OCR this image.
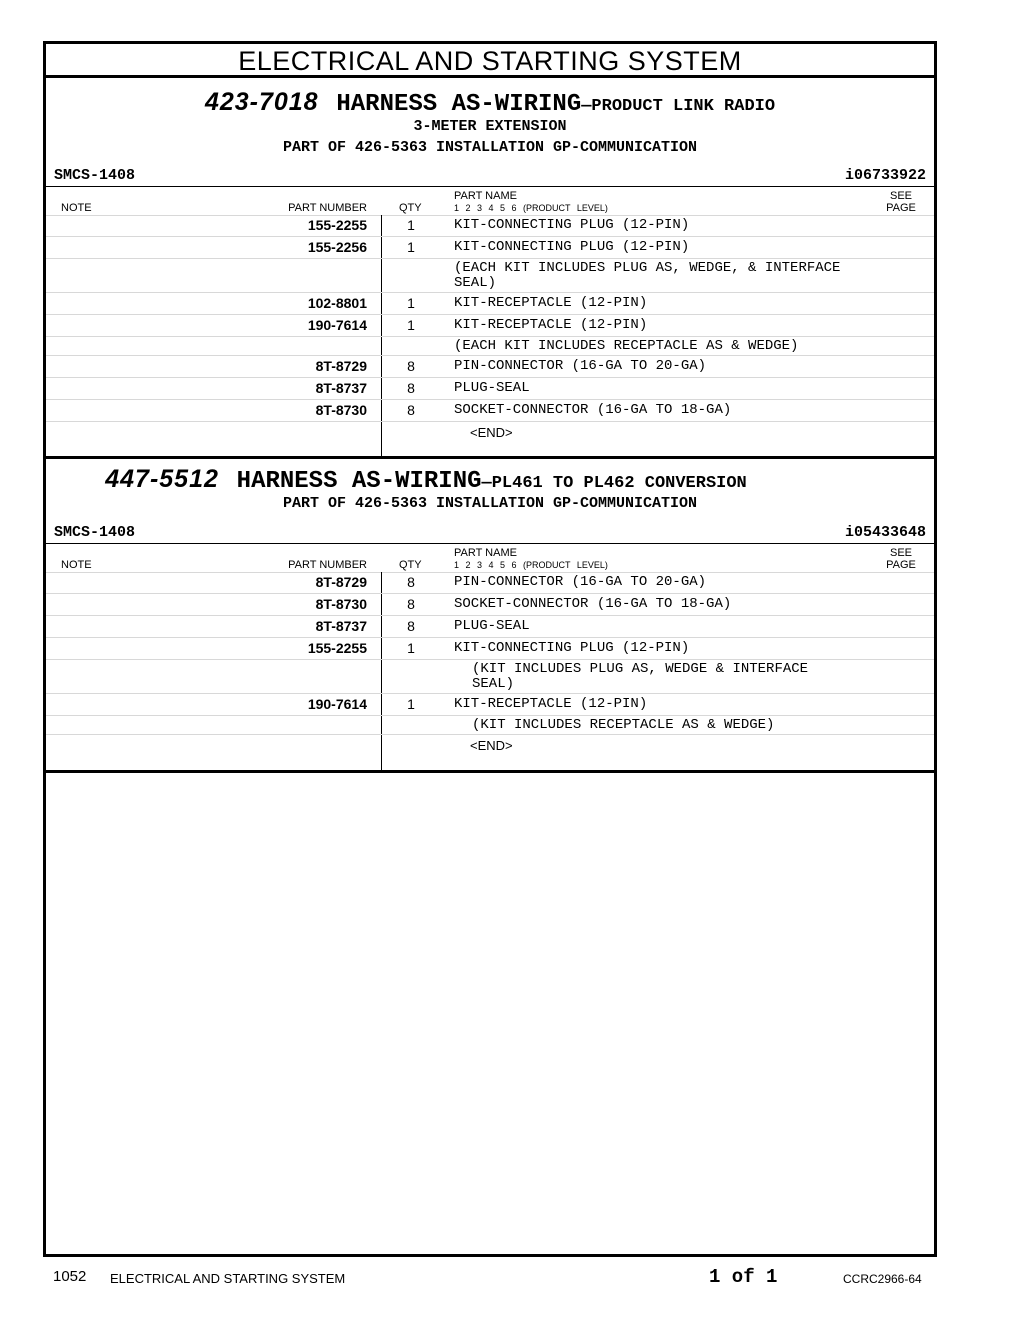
ELECTRICAL AND STARTING SYSTEM
423-7018 HARNESS AS-WIRING—PRODUCT LINK RADIO
3-METER EXTENSION
PART OF 426-5363 INSTALLATION GP-COMMUNICATION
SMCS-1408	i06733922
PART NAME
1 2 3 4 5 6 (PRODUCT LEVEL)
NOTE	PART NUMBER	QTY
SEE
PAGE
155-2255	1	KIT-CONNECTING PLUG (12-PIN)
155-2256	1	KIT-CONNECTING PLUG (12-PIN)
(EACH KIT INCLUDES PLUG AS, WEDGE, & INTERFACE
SEAL)
102-8801	1	KIT-RECEPTACLE (12-PIN)
190-7614	1	KIT-RECEPTACLE (12-PIN)
(EACH KIT INCLUDES RECEPTACLE AS & WEDGE)
8T-8729	8	PIN-CONNECTOR (16-GA TO 20-GA)
8T-8737	8	PLUG-SEAL
8T-8730	8	SOCKET-CONNECTOR (16-GA TO 18-GA)
<END>
447-5512 HARNESS AS-WIRING—PL461 TO PL462 CONVERSION
PART OF 426-5363 INSTALLATION GP-COMMUNICATION
SMCS-1408	i05433648
PART NAME
1 2 3 4 5 6 (PRODUCT LEVEL)
NOTE	PART NUMBER	QTY
SEE
PAGE
8T-8729	8	PIN-CONNECTOR (16-GA TO 20-GA)
8T-8730	8	SOCKET-CONNECTOR (16-GA TO 18-GA)
8T-8737	8	PLUG-SEAL
155-2255	1	KIT-CONNECTING PLUG (12-PIN)
(KIT INCLUDES PLUG AS, WEDGE & INTERFACE
SEAL)
190-7614	1	KIT-RECEPTACLE (12-PIN)
(KIT INCLUDES RECEPTACLE AS & WEDGE)
<END>
1052 ELECTRICAL AND STARTING SYSTEM	1 of 1	CCRC2966-64
